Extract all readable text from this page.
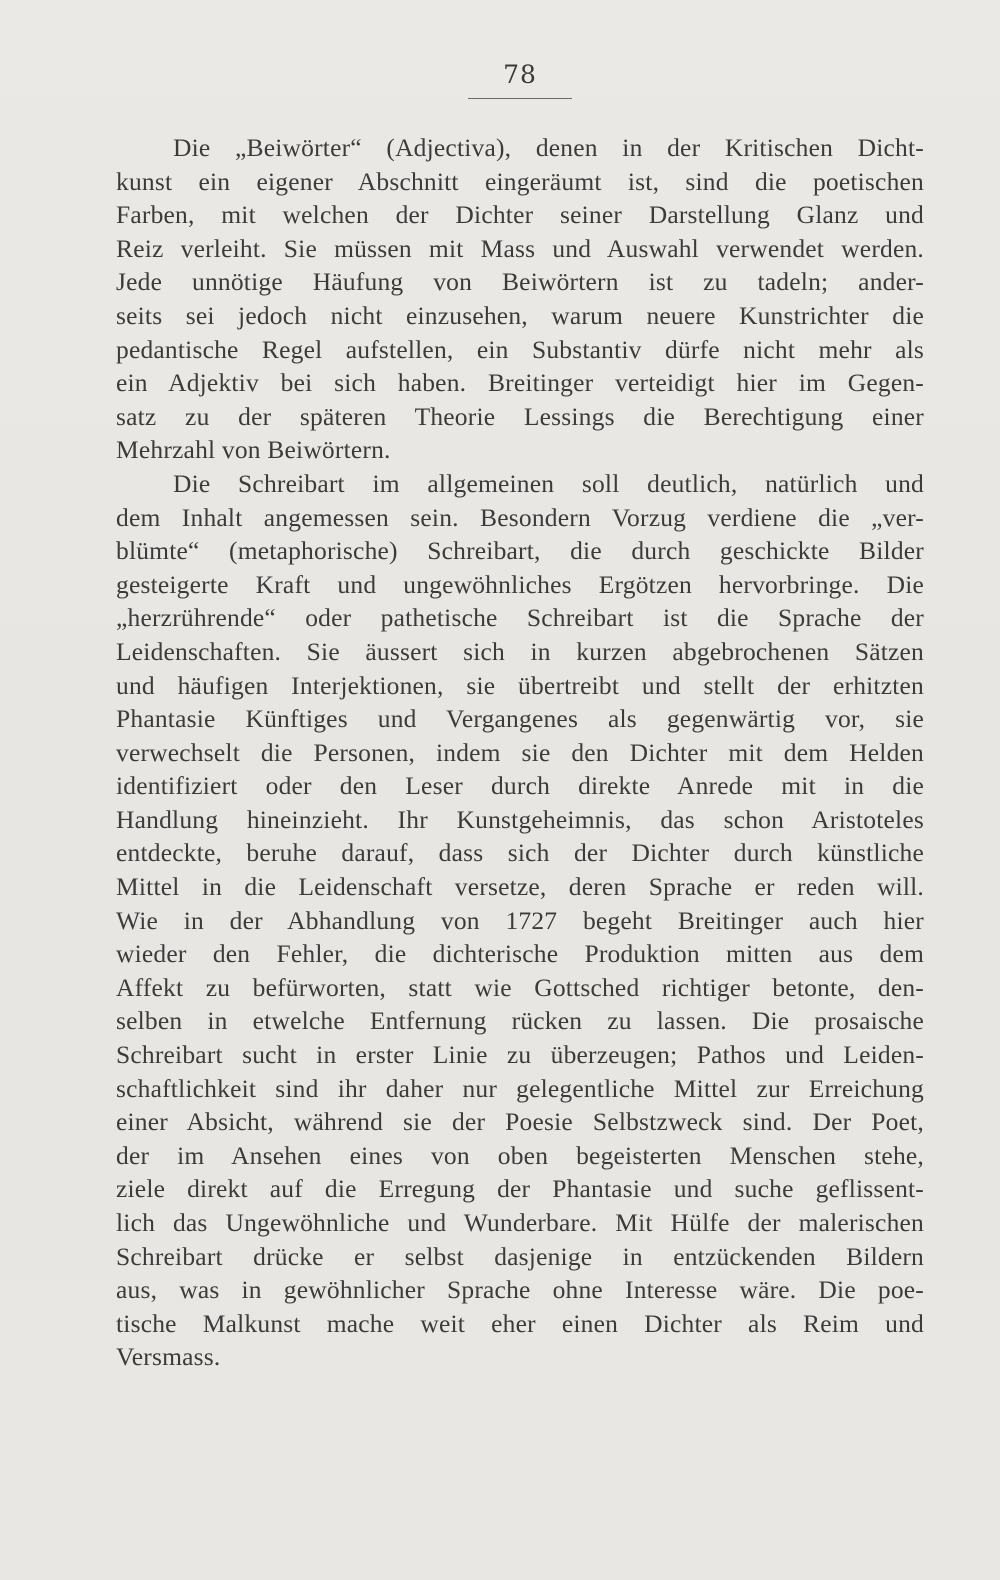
78
Die „Beiwörter“ (Adjectiva), denen in der Kritischen Dicht-
kunst ein eigener Abschnitt eingeräumt ist, sind die poetischen
Farben, mit welchen der Dichter seiner Darstellung Glanz und
Reiz verleiht. Sie müssen mit Mass und Auswahl verwendet werden.
Jede unnötige Häufung von Beiwörtern ist zu tadeln; ander-
seits sei jedoch nicht einzusehen, warum neuere Kunstrichter die
pedantische Regel aufstellen, ein Substantiv dürfe nicht mehr als
ein Adjektiv bei sich haben. Breitinger verteidigt hier im Gegen-
satz zu der späteren Theorie Lessings die Berechtigung einer
Mehrzahl von Beiwörtern.
Die Schreibart im allgemeinen soll deutlich, natürlich und
dem Inhalt angemessen sein. Besondern Vorzug verdiene die „ver-
blümte“ (metaphorische) Schreibart, die durch geschickte Bilder
gesteigerte Kraft und ungewöhnliches Ergötzen hervorbringe. Die
„herzrührende“ oder pathetische Schreibart ist die Sprache der
Leidenschaften. Sie äussert sich in kurzen abgebrochenen Sätzen
und häufigen Interjektionen, sie übertreibt und stellt der erhitzten
Phantasie Künftiges und Vergangenes als gegenwärtig vor, sie
verwechselt die Personen, indem sie den Dichter mit dem Helden
identifiziert oder den Leser durch direkte Anrede mit in die
Handlung hineinzieht. Ihr Kunstgeheimnis, das schon Aristoteles
entdeckte, beruhe darauf, dass sich der Dichter durch künstliche
Mittel in die Leidenschaft versetze, deren Sprache er reden will.
Wie in der Abhandlung von 1727 begeht Breitinger auch hier
wieder den Fehler, die dichterische Produktion mitten aus dem
Affekt zu befürworten, statt wie Gottsched richtiger betonte, den-
selben in etwelche Entfernung rücken zu lassen. Die prosaische
Schreibart sucht in erster Linie zu überzeugen; Pathos und Leiden-
schaftlichkeit sind ihr daher nur gelegentliche Mittel zur Erreichung
einer Absicht, während sie der Poesie Selbstzweck sind. Der Poet,
der im Ansehen eines von oben begeisterten Menschen stehe,
ziele direkt auf die Erregung der Phantasie und suche geflissent-
lich das Ungewöhnliche und Wunderbare. Mit Hülfe der malerischen
Schreibart drücke er selbst dasjenige in entzückenden Bildern
aus, was in gewöhnlicher Sprache ohne Interesse wäre. Die poe-
tische Malkunst mache weit eher einen Dichter als Reim und
Versmass.
